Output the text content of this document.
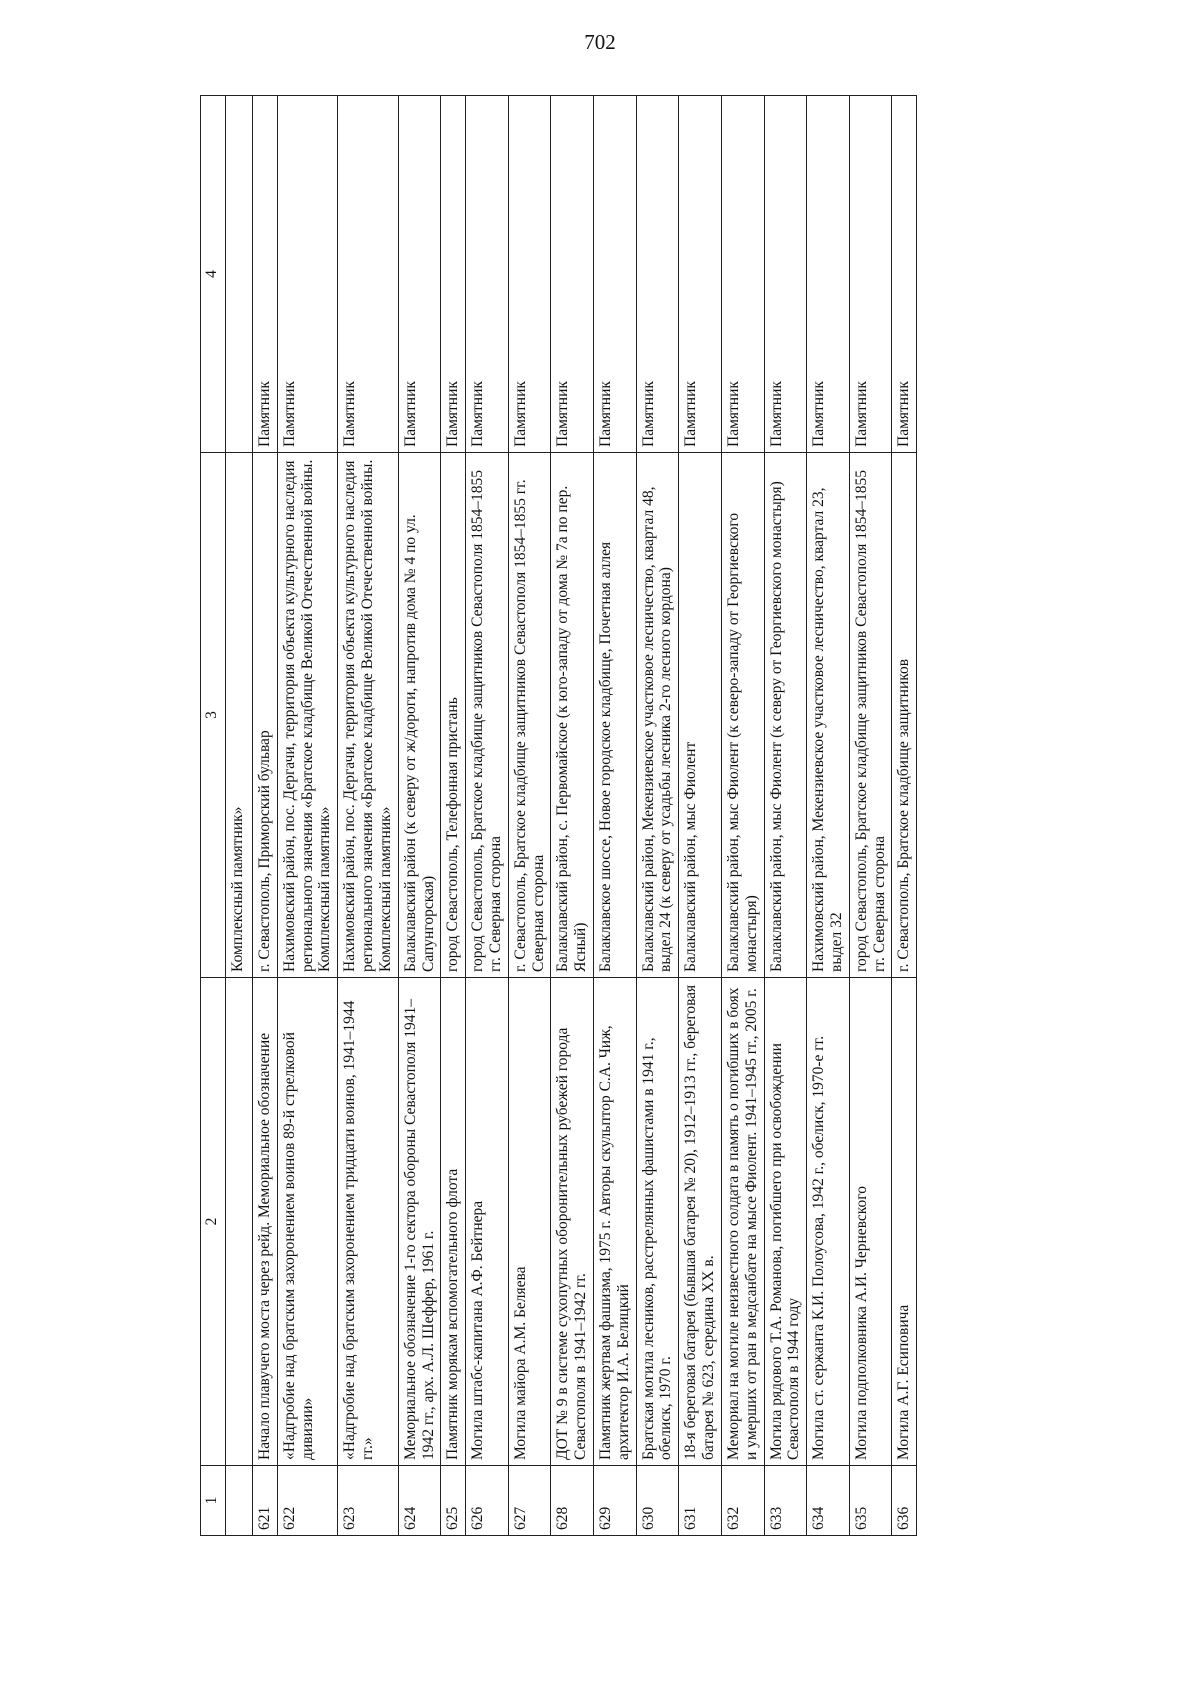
702
1	2	3	4
		Комплексный памятник»	
621	Начало плавучего моста через рейд. Мемориальное обозначение	г. Севастополь, Приморский бульвар	Памятник
622	«Надгробие над братским захоронением воинов 89-й стрелковой дивизии»	Нахимовский район, пос. Дергачи, территория объекта культурного наследия регионального значения «Братское кладбище Великой Отечественной войны. Комплексный памятник»	Памятник
623	«Надгробие над братским захоронением тридцати воинов, 1941–1944 гг.»	Нахимовский район, пос. Дергачи, территория объекта культурного наследия регионального значения «Братское кладбище Великой Отечественной войны. Комплексный памятник»	Памятник
624	Мемориальное обозначение 1-го сектора обороны Севастополя 1941–1942 гг., арх. А.Л. Шеффер, 1961 г.	Балаклавский район (к северу от ж/дороги, напротив дома № 4 по ул. Сапунгорская)	Памятник
625	Памятник морякам вспомогательного флота	город Севастополь, Телефонная пристань	Памятник
626	Могила штабс-капитана А.Ф. Бейтнера	город Севастополь, Братское кладбище защитников Севастополя 1854–1855 гг. Северная сторона	Памятник
627	Могила майора А.М. Беляева	г. Севастополь, Братское кладбище защитников Севастополя 1854–1855 гг. Северная сторона	Памятник
628	ДОТ № 9 в системе сухопутных оборонительных рубежей города Севастополя в 1941–1942 гг.	Балаклавский район, с. Первомайское (к юго-западу от дома № 7а по пер. Ясный)	Памятник
629	Памятник жертвам фашизма, 1975 г. Авторы скульптор С.А. Чиж, архитектор И.А. Белицкий	Балаклавское шоссе, Новое городское кладбище, Почетная аллея	Памятник
630	Братская могила лесников, расстрелянных фашистами в 1941 г., обелиск, 1970 г.	Балаклавский район, Мекензиевское участковое лесничество, квартал 48, выдел 24 (к северу от усадьбы лесника 2-го лесного кордона)	Памятник
631	18-я береговая батарея (бывшая батарея № 20), 1912–1913 гг., береговая батарея № 623, середина XX в.	Балаклавский район, мыс Фиолент	Памятник
632	Мемориал на могиле неизвестного солдата в память о погибших в боях и умерших от ран в медсанбате на мысе Фиолент. 1941–1945 гг., 2005 г.	Балаклавский район, мыс Фиолент (к северо-западу от Георгиевского монастыря)	Памятник
633	Могила рядового Т.А. Романова, погибшего при освобождении Севастополя в 1944 году	Балаклавский район, мыс Фиолент (к северу от Георгиевского монастыря)	Памятник
634	Могила ст. сержанта К.И. Полоусова, 1942 г., обелиск, 1970-е гг.	Нахимовский район, Мекензиевское участковое лесничество, квартал 23, выдел 32	Памятник
635	Могила подполковника А.И. Черневского	город Севастополь, Братское кладбище защитников Севастополя 1854–1855 гг. Северная сторона	Памятник
636	Могила А.Г. Есиповича	г. Севастополь, Братское кладбище защитников	Памятник
